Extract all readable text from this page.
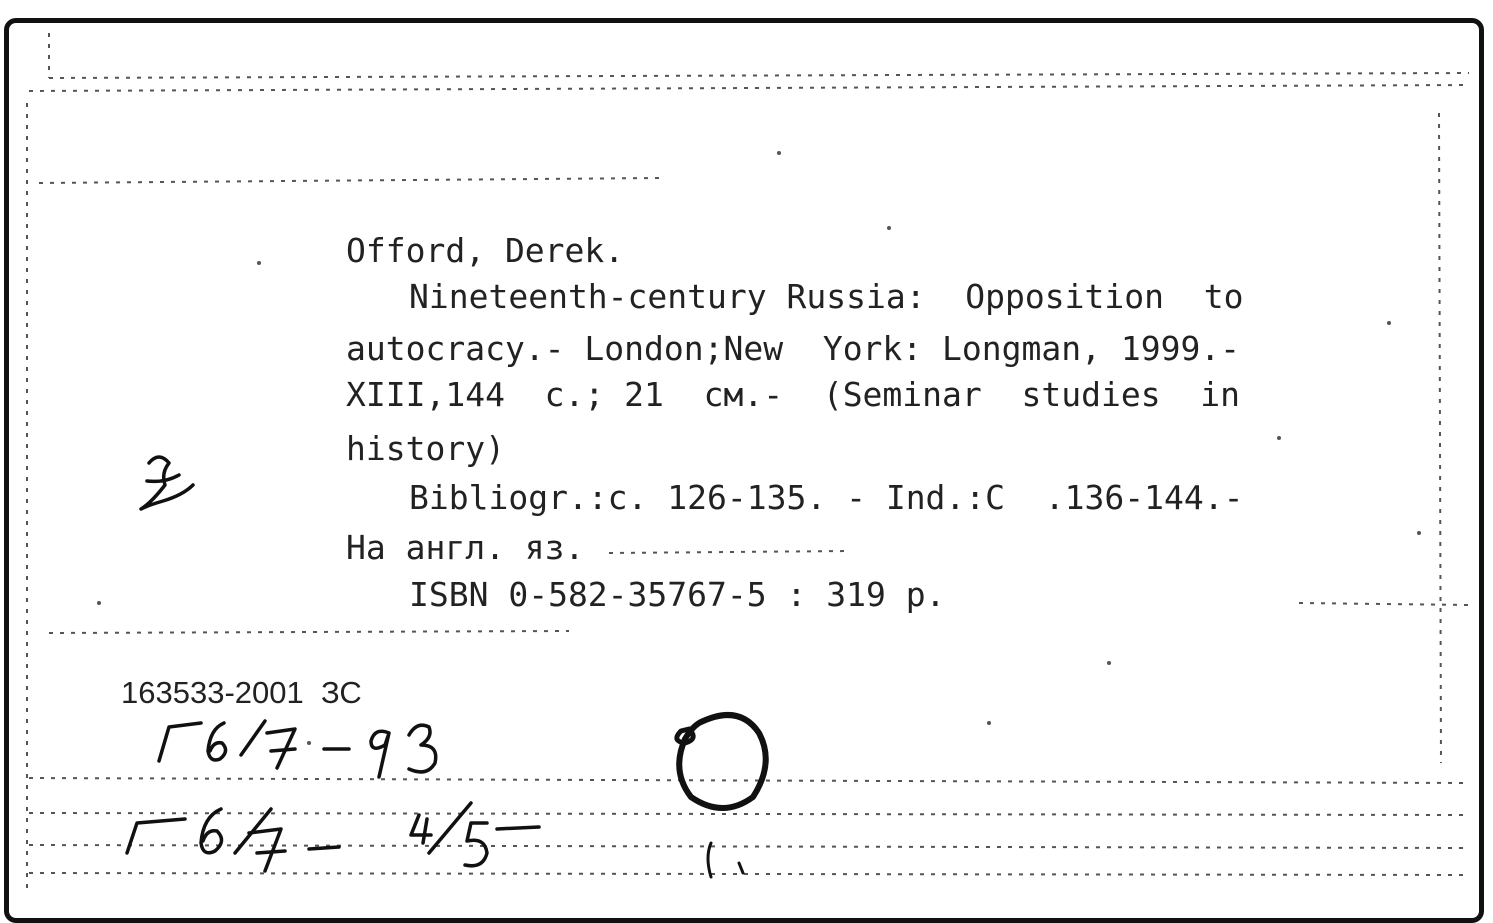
Offord, Derek.
Nineteenth-century Russia:  Opposition  to
autocracy.- London;New  York: Longman, 1999.-
XIII,144  c.; 21  см.-  (Seminar  studies  in
history)
Bibliogr.:c. 126-135. - Ind.:C  .136-144.-
На англ. яз.
ISBN 0-582-35767-5 : 319 p.
163533-2001  ЗС
